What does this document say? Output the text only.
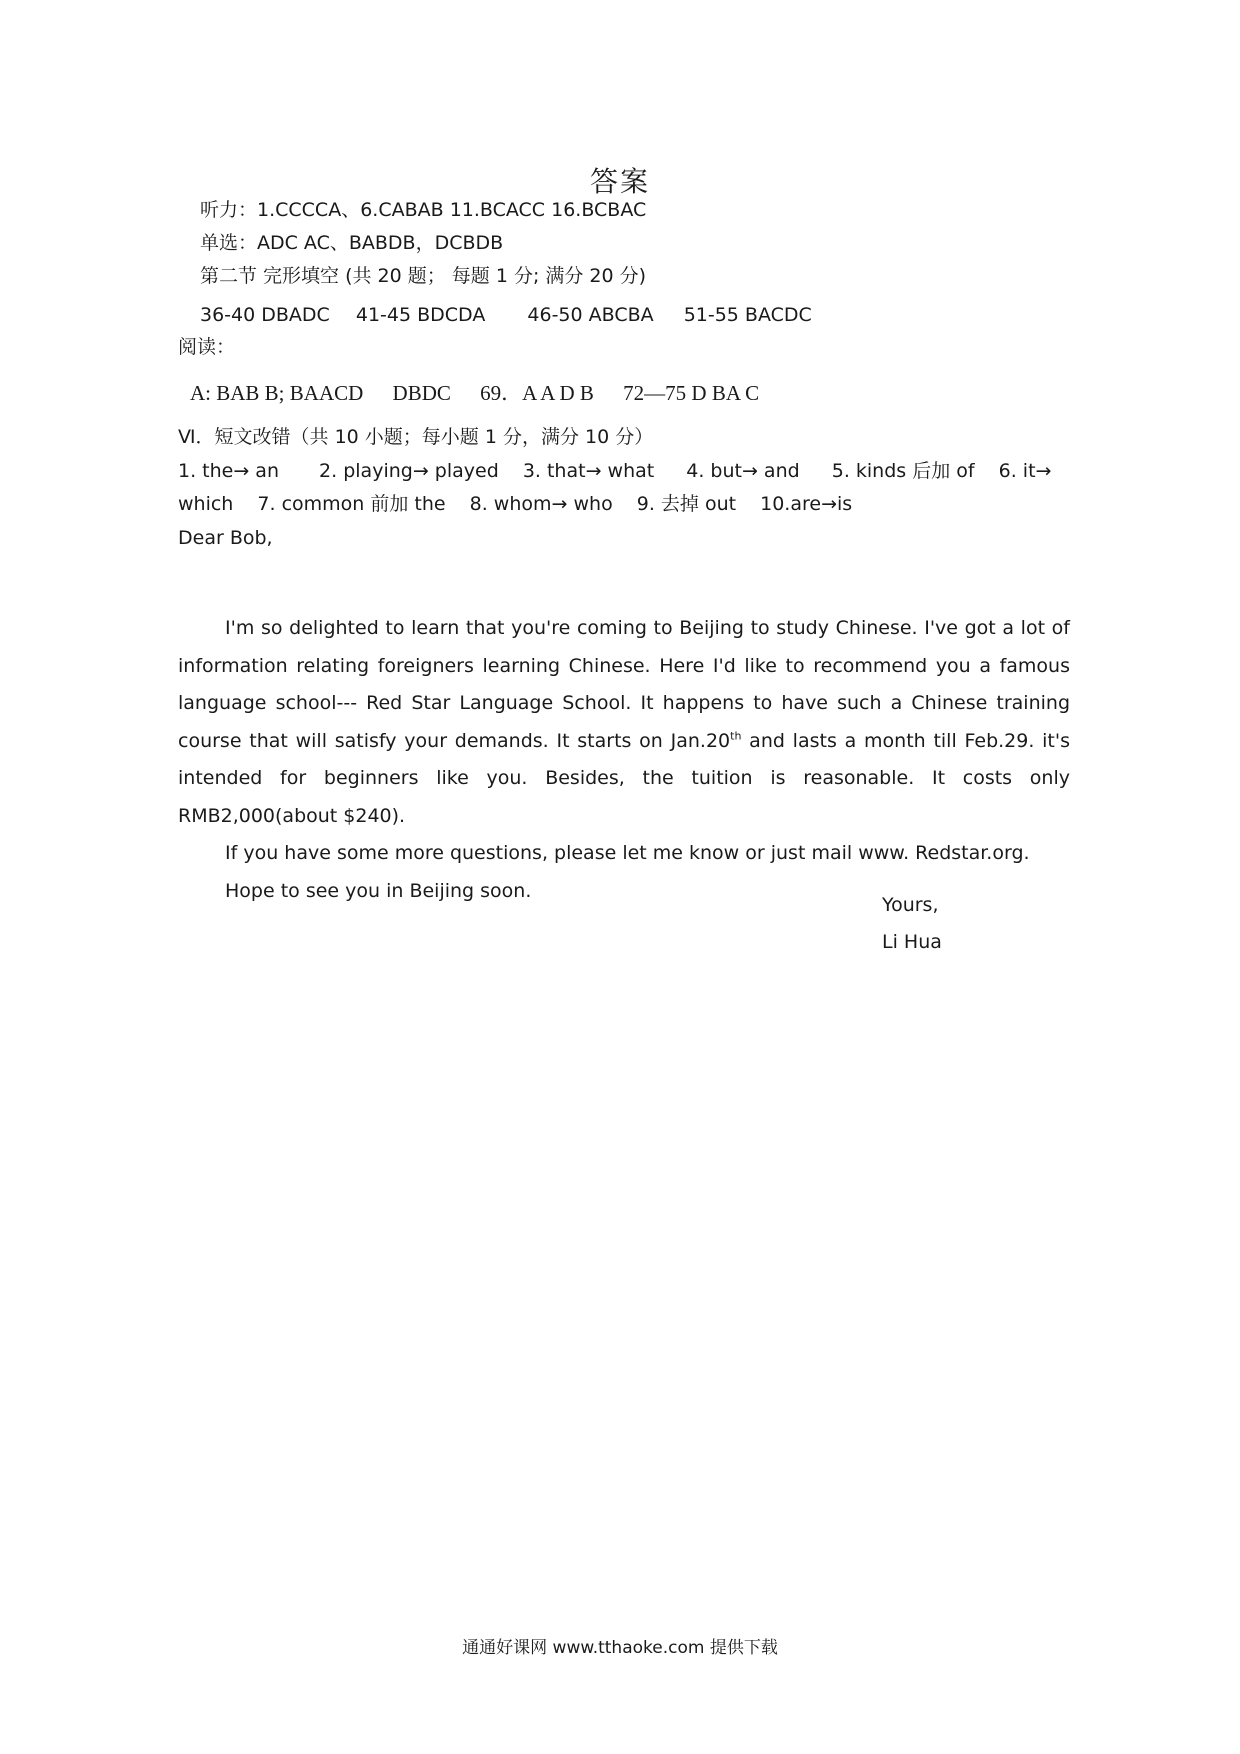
答案
听力：1.CCCCA、6.CABAB 11.BCACC 16.BCBAC
单选：ADC AC、BABDB，DCBDB
第二节 完形填空 (共 20 题； 每题 1 分; 满分 20 分)
36-40 DBADC 41-45 BDCDA 46-50 ABCBA 51-55 BACDC
阅读：
A: BAB B; BAACD DBDC 69．A A D B 72—75 D BA C
Ⅵ．短文改错（共 10 小题；每小题 1 分，满分 10 分）
1. the→ an 2. playing→ played 3. that→ what 4. but→ and 5. kinds 后加 of 6. it→
which 7. common 前加 the 8. whom→ who 9. 去掉 out 10.are→is
Dear Bob,

I'm so delighted to learn that you're coming to Beijing to study Chinese. I've got a lot of information relating foreigners learning Chinese. Here I'd like to recommend you a famous language school--- Red Star Language School. It happens to have such a Chinese training course that will satisfy your demands. It starts on Jan.20th and lasts a month till Feb.29. it's intended for beginners like you. Besides, the tuition is reasonable. It costs only RMB2,000(about $240).

If you have some more questions, please let me know or just mail www. Redstar.org.

Hope to see you in Beijing soon.

Yours,
Li Hua
通通好课网 www.tthaoke.com 提供下载
